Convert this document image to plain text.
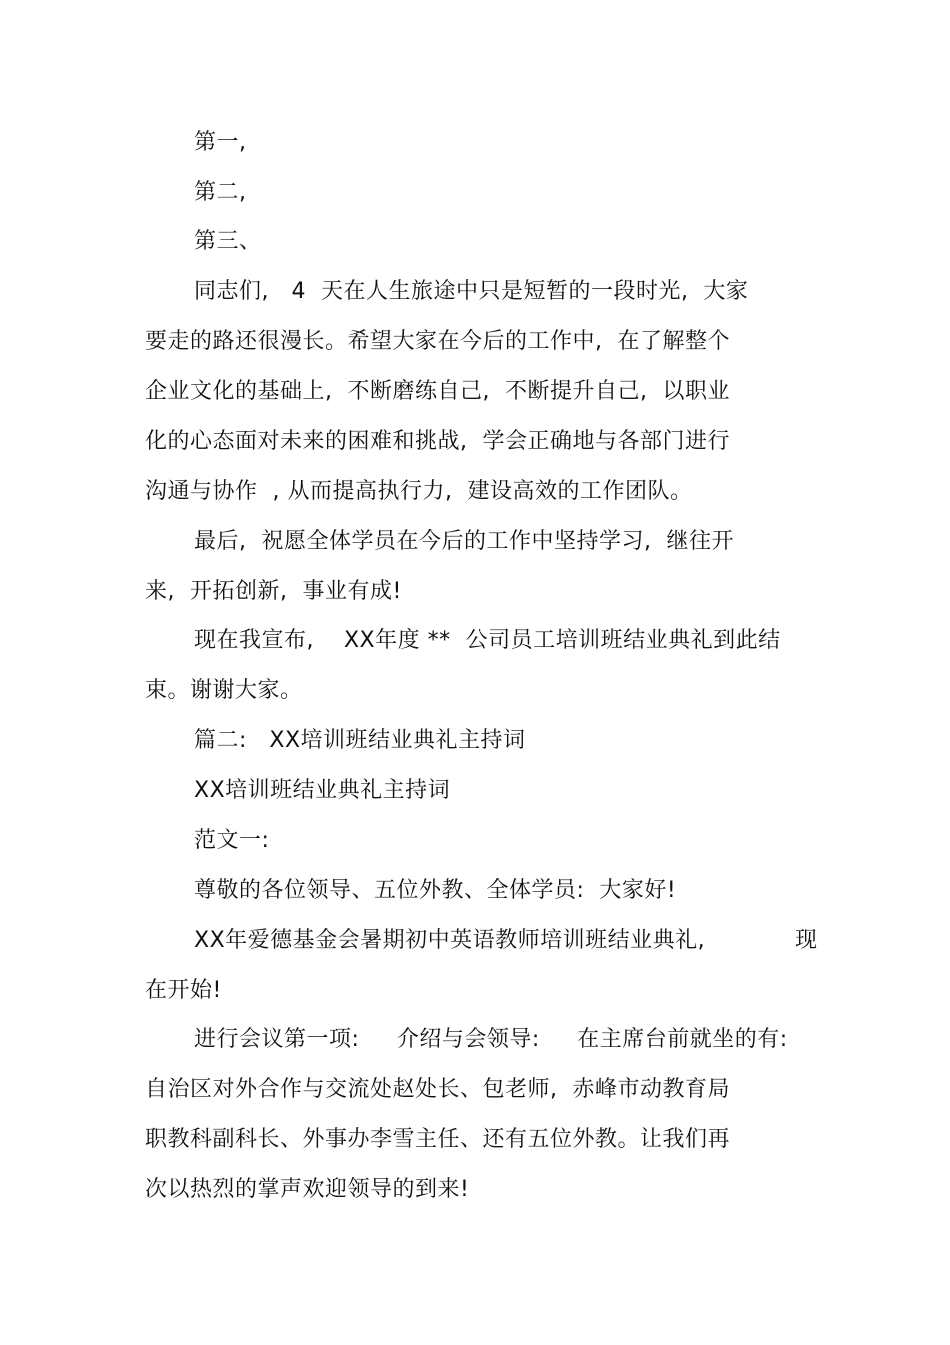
第一,
第二,
第三、
同志们,   4  天在人生旅途中只是短暂的一段时光,  大家
要走的路还很漫长。希望大家在今后的工作中,  在了解整个
企业文化的基础上,  不断磨练自己,  不断提升自己,  以职业
化的心态面对未来的困难和挑战,  学会正确地与各部门进行
沟通与协作  , 从而提高执行力,  建设高效的工作团队。
最后,  祝愿全体学员在今后的工作中坚持学习,  继往开
来,  开拓创新,  事业有成!
现在我宣布,    XX年度 **  公司员工培训班结业典礼到此结
束。谢谢大家。
篇二:   XX培训班结业典礼主持词
XX培训班结业典礼主持词
范文一:
尊敬的各位领导、五位外教、全体学员:  大家好!
XX年爱德基金会暑期初中英语教师培训班结业典礼,            现
在开始!
进行会议第一项:     介绍与会领导:     在主席台前就坐的有:
自治区对外合作与交流处赵处长、包老师,  赤峰市动教育局
职教科副科长、外事办李雪主任、还有五位外教。让我们再
次以热烈的掌声欢迎领导的到来!
